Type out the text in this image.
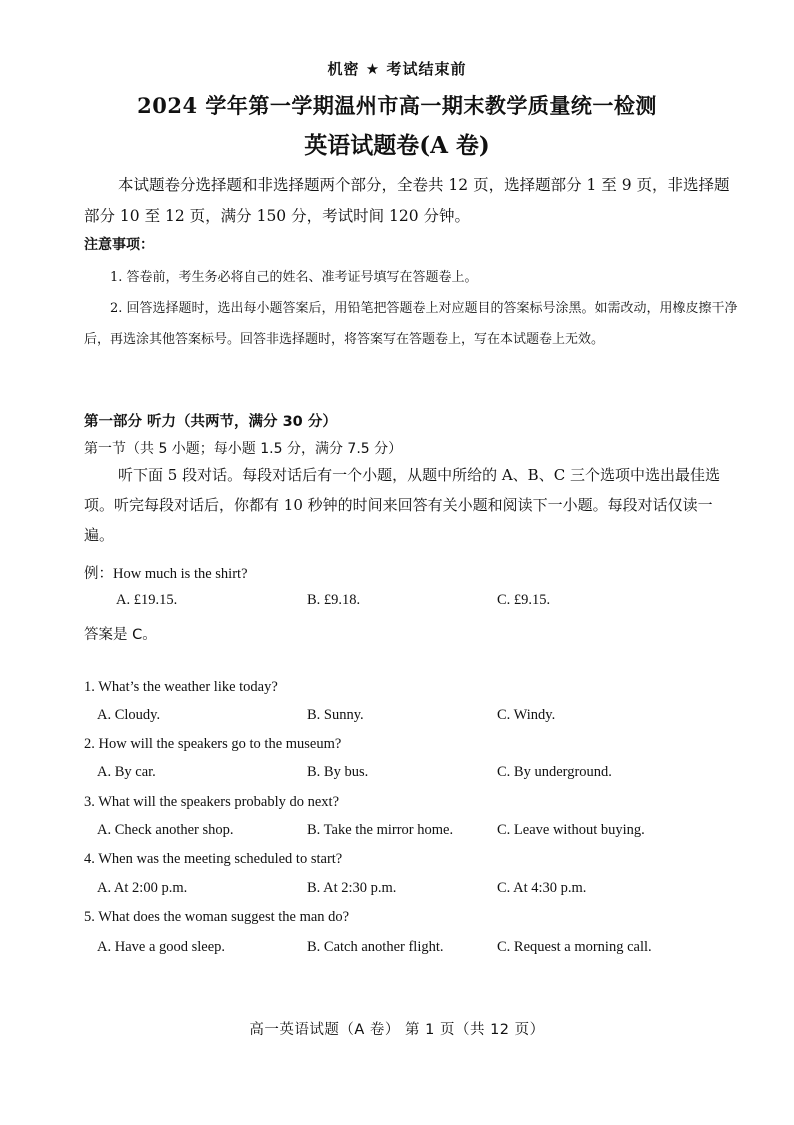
机密 ★ 考试结束前
2024 学年第一学期温州市高一期末教学质量统一检测
英语试题卷(A 卷)

本试题卷分选择题和非选择题两个部分，全卷共 12 页，选择题部分 1 至 9 页，非选择题部分 10 至 12 页，满分 150 分，考试时间 120 分钟。

注意事项：
1. 答卷前，考生务必将自己的姓名、准考证号填写在答题卷上。
2. 回答选择题时，选出每小题答案后，用铅笔把答题卷上对应题目的答案标号涂黑。如需改动，用橡皮擦干净后，再选涂其他答案标号。回答非选择题时，将答案写在答题卷上，写在本试题卷上无效。
第一部分 听力（共两节，满分 30 分）
第一节（共 5 小题；每小题 1.5 分，满分 7.5 分）
听下面 5 段对话。每段对话后有一个小题，从题中所给的 A、B、C 三个选项中选出最佳选项。听完每段对话后，你都有 10 秒钟的时间来回答有关小题和阅读下一小题。每段对话仅读一遍。
例：How much is the shirt?
A. £19.15.	B. £9.18.	C. £9.15.
答案是 C。
1. What’s the weather like today?
A. Cloudy.	B. Sunny.	C. Windy.
2. How will the speakers go to the museum?
A. By car.	B. By bus.	C. By underground.
3. What will the speakers probably do next?
A. Check another shop.	B. Take the mirror home.	C. Leave without buying.
4. When was the meeting scheduled to start?
A. At 2:00 p.m.	B. At 2:30 p.m.	C. At 4:30 p.m.
5. What does the woman suggest the man do?
A. Have a good sleep.	B. Catch another flight.	C. Request a morning call.
高一英语试题（A 卷） 第 1 页（共 12 页）
